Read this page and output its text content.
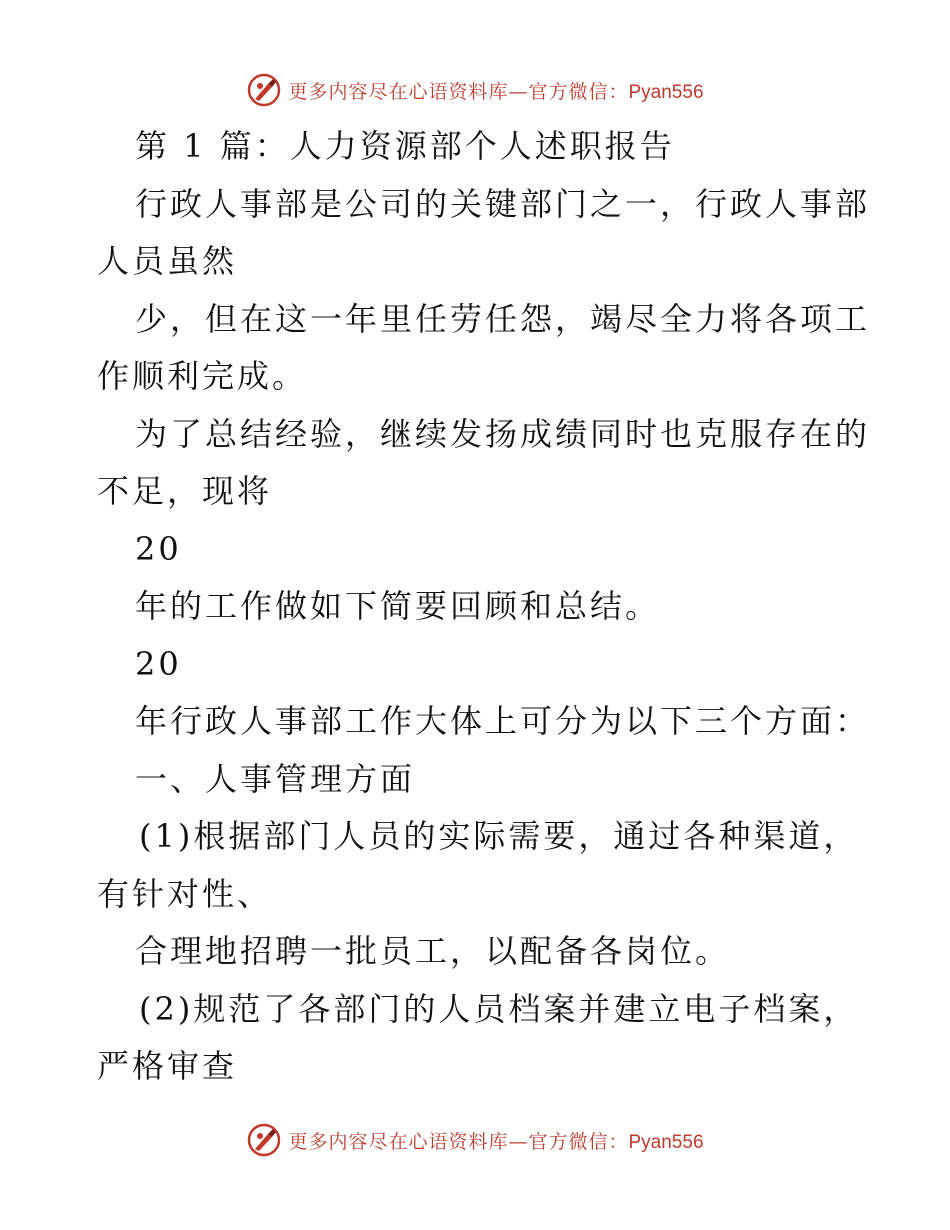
更多内容尽在心语资料库—官方微信：Pyan556
第 1 篇：人力资源部个人述职报告
行政人事部是公司的关键部门之一，行政人事部
人员虽然
少，但在这一年里任劳任怨，竭尽全力将各项工
作顺利完成。
为了总结经验，继续发扬成绩同时也克服存在的
不足，现将
20
年的工作做如下简要回顾和总结。
20
年行政人事部工作大体上可分为以下三个方面：
一、人事管理方面
(1)根据部门人员的实际需要，通过各种渠道，
有针对性、
合理地招聘一批员工，以配备各岗位。
(2)规范了各部门的人员档案并建立电子档案，
严格审查
更多内容尽在心语资料库—官方微信：Pyan556
